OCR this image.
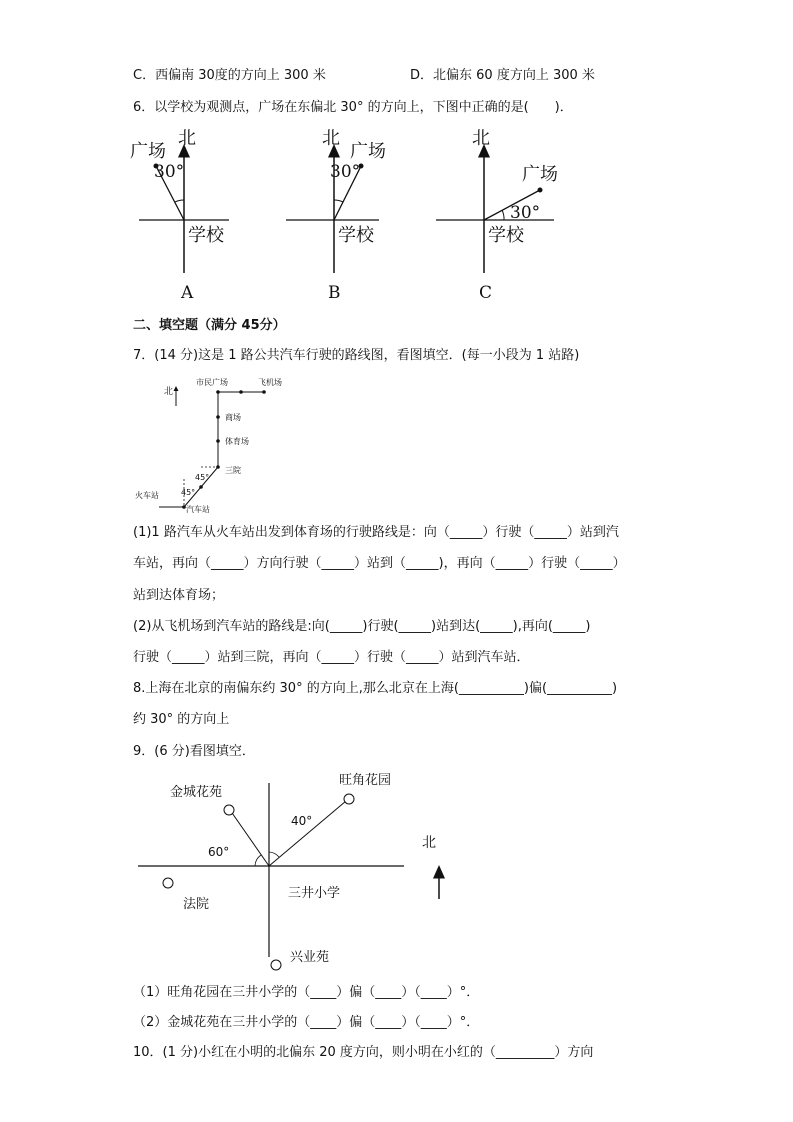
C．西偏南 30度的方向上 300 米	D．北偏东 60 度方向上 300 米
6．以学校为观测点，广场在东偏北 30° 的方向上，下图中正确的是(　　)．
北
广场
30°
学校
A
北
广场
30°
学校
B
北
广场
30°
学校
C
二、填空题（满分 45分）
7．(14 分)这是 1 路公共汽车行驶的路线图，看图填空．(每一小段为 1 站路)
北
市民广场	飞机场
商场
体育场
三院
45°
45°
火车站
汽车站
(1)1 路汽车从火车站出发到体育场的行驶路线是：向（_____）行驶（_____）站到汽
车站，再向（_____）方向行驶（_____）站到（_____)，再向（_____）行驶（_____）
站到达体育场；
(2)从飞机场到汽车站的路线是:向(_____)行驶(_____)站到达(_____),再向(_____)
行驶（_____）站到三院，再向（_____）行驶（_____）站到汽车站．
8.上海在北京的南偏东约 30° 的方向上,那么北京在上海(__________)偏(__________)
约 30° 的方向上
9．(6 分)看图填空．
金城花苑
旺角花园
40°
60°
法院
三井小学
兴业苑
北
（1）旺角花园在三井小学的（____）偏（____）（____）°．
（2）金城花苑在三井小学的（____）偏（____）（____）°．
10．(1 分)小红在小明的北偏东 20 度方向，则小明在小红的（_________）方向
